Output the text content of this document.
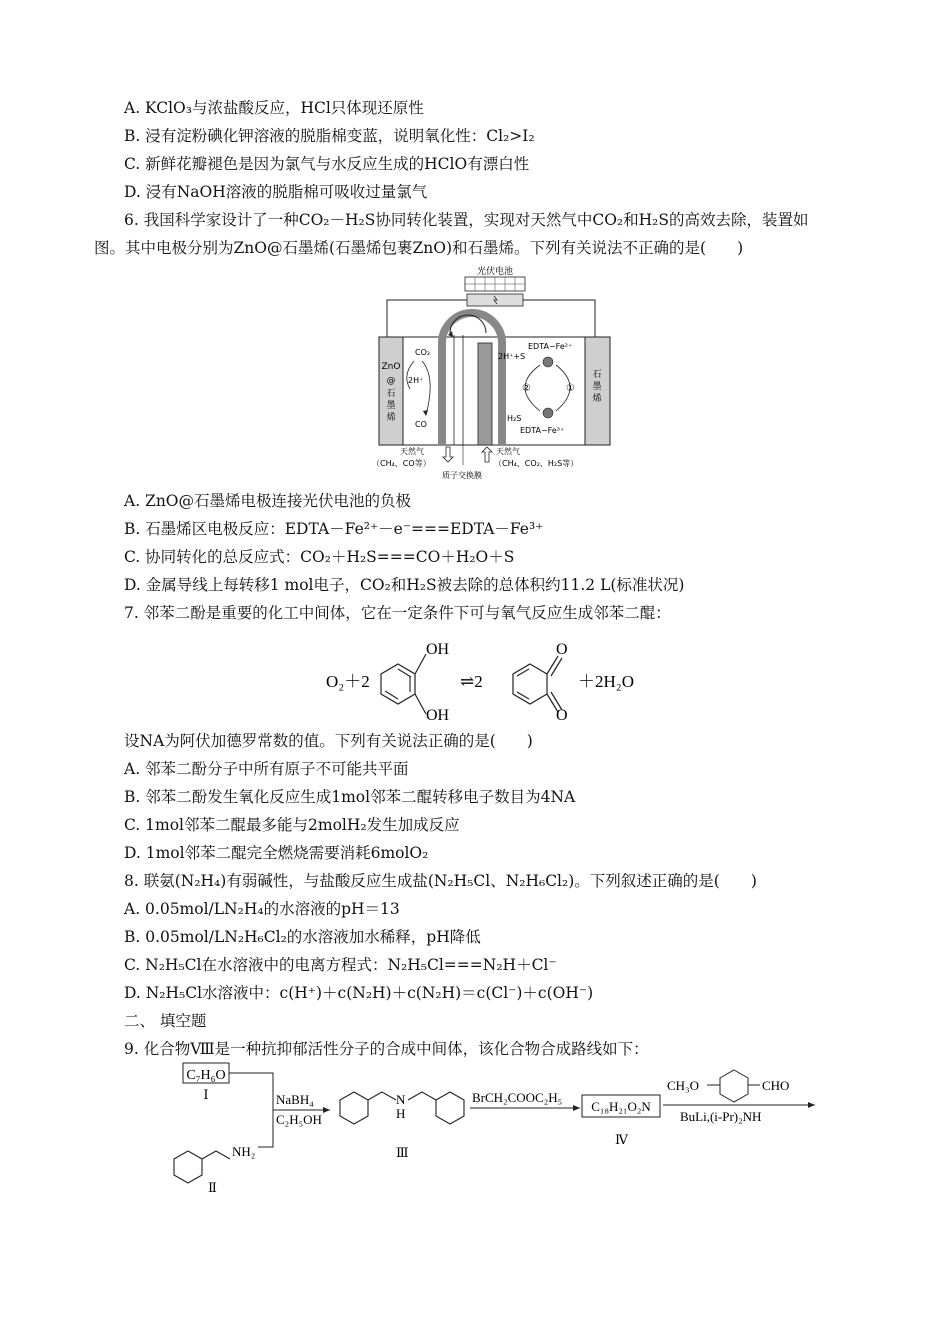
A. KClO₃与浓盐酸反应，HCl只体现还原性
B. 浸有淀粉碘化钾溶液的脱脂棉变蓝，说明氧化性：Cl₂>I₂
C. 新鲜花瓣褪色是因为氯气与水反应生成的HClO有漂白性
D. 浸有NaOH溶液的脱脂棉可吸收过量氯气
6. 我国科学家设计了一种CO₂－H₂S协同转化装置，实现对天然气中CO₂和H₂S的高效去除，装置如
图。其中电极分别为ZnO@石墨烯(石墨烯包裹ZnO)和石墨烯。下列有关说法不正确的是(　　)
光伏电池
ZnO
@
石
墨
烯
石
墨
烯
CO₂
2H⁺
CO
2H⁺+S
EDTA−Fe²⁺
②	①
H₂S
EDTA−Fe³⁺
天然气
（CH₄、CO等）
天然气
（CH₄、CO₂、H₂S等）
质子交换膜
A. ZnO@石墨烯电极连接光伏电池的负极
B. 石墨烯区电极反应：EDTA－Fe²⁺－e⁻===EDTA－Fe³⁺
C. 协同转化的总反应式：CO₂＋H₂S===CO＋H₂O＋S
D. 金属导线上每转移1 mol电子，CO₂和H₂S被去除的总体积约11.2 L(标准状况)
7. 邻苯二酚是重要的化工中间体，它在一定条件下可与氧气反应生成邻苯二醌：
O₂＋2
OH
OH
⇌2
O
O
＋2H₂O
设NA为阿伏加德罗常数的值。下列有关说法正确的是(　　)
A. 邻苯二酚分子中所有原子不可能共平面
B. 邻苯二酚发生氧化反应生成1mol邻苯二醌转移电子数目为4NA
C. 1mol邻苯二醌最多能与2molH₂发生加成反应
D. 1mol邻苯二醌完全燃烧需要消耗6molO₂
8. 联氨(N₂H₄)有弱碱性，与盐酸反应生成盐(N₂H₅Cl、N₂H₆Cl₂)。下列叙述正确的是(　　)
A. 0.05mol/LN₂H₄的水溶液的pH＝13
B. 0.05mol/LN₂H₆Cl₂的水溶液加水稀释，pH降低
C. N₂H₅Cl在水溶液中的电离方程式：N₂H₅Cl===N₂H＋Cl⁻
D. N₂H₅Cl水溶液中：c(H⁺)＋c(N₂H)＋c(N₂H)＝c(Cl⁻)＋c(OH⁻)
二、 填空题
9. 化合物Ⅷ是一种抗抑郁活性分子的合成中间体，该化合物合成路线如下：
C₇H₆O
Ⅰ
NH₂
Ⅱ
NaBH₄
C₂H₅OH
N
H
Ⅲ
BrCH₂COOC₂H₅
C₁₈H₂₁O₂N
Ⅳ
CH₃O	CHO
BuLi,(i-Pr)₂NH
